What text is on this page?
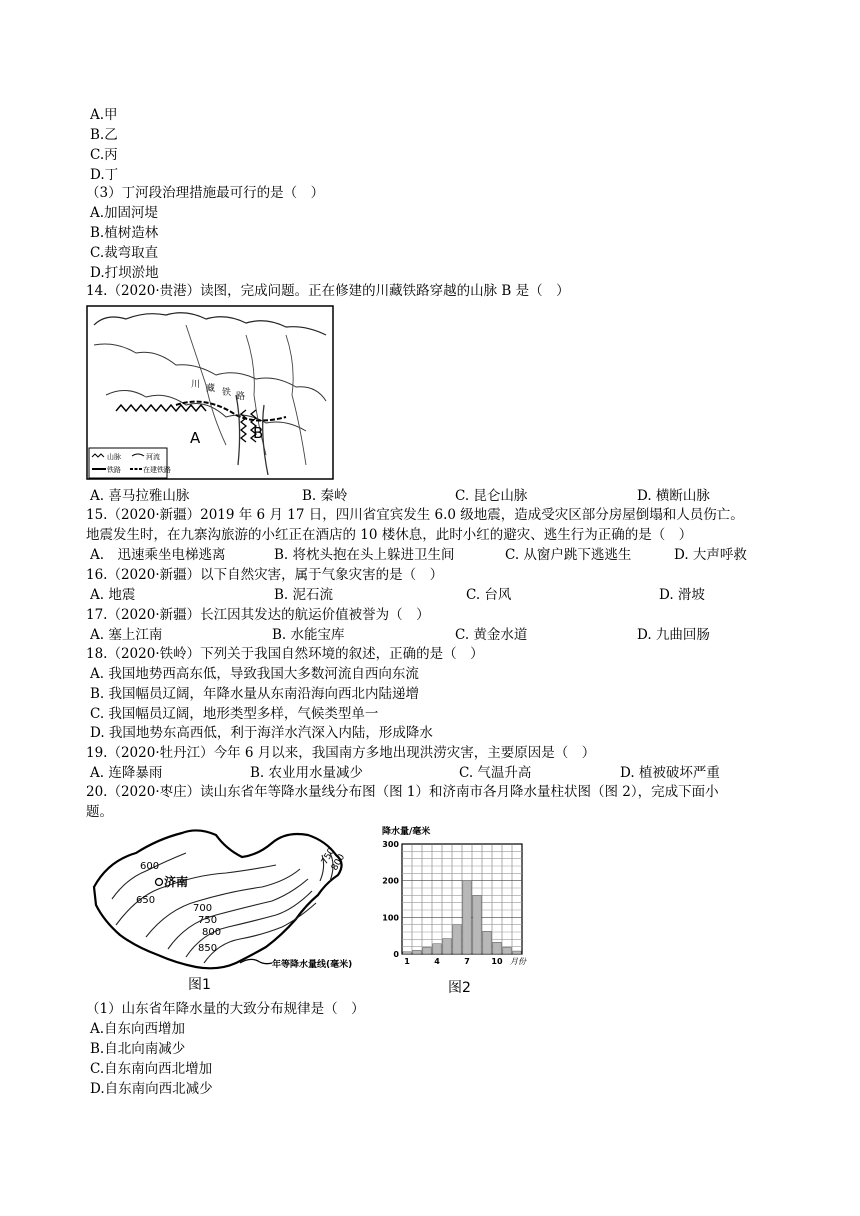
A.甲
B.乙
C.丙
D.丁
（3）丁河段治理措施最可行的是（　）
A.加固河堤
B.植树造林
C.裁弯取直
D.打坝淤地
14.（2020·贵港）读图，完成问题。正在修建的川藏铁路穿越的山脉 B 是（　）
川 藏 铁 路
A	B
山脉	河流
铁路	在建铁路
A. 喜马拉雅山脉	B. 秦岭	C. 昆仑山脉	D. 横断山脉
15.（2020·新疆）2019 年 6 月 17 日，四川省宜宾发生 6.0 级地震，造成受灾区部分房屋倒塌和人员伤亡。
地震发生时，在九寨沟旅游的小红正在酒店的 10 楼休息，此时小红的避灾、逃生行为正确的是（　）
A.　迅速乘坐电梯逃离	B. 将枕头抱在头上躲进卫生间	C. 从窗户跳下逃逃生	D. 大声呼救
16.（2020·新疆）以下自然灾害，属于气象灾害的是（　）
A. 地震	B. 泥石流	C. 台风	D. 滑坡
17.（2020·新疆）长江因其发达的航运价值被誉为（　）
A. 塞上江南	B. 水能宝库	C. 黄金水道	D. 九曲回肠
18.（2020·铁岭）下列关于我国自然环境的叙述，正确的是（　）
A. 我国地势西高东低，导致我国大多数河流自西向东流
B. 我国幅员辽阔，年降水量从东南沿海向西北内陆递增
C. 我国幅员辽阔，地形类型多样，气候类型单一
D. 我国地势东高西低，利于海洋水汽深入内陆，形成降水
19.（2020·牡丹江）今年 6 月以来，我国南方多地出现洪涝灾害，主要原因是（　）
A. 连降暴雨	B. 农业用水量减少	C. 气温升高	D. 植被破坏严重
20.（2020·枣庄）读山东省年等降水量线分布图（图 1）和济南市各月降水量柱状图（图 2），完成下面小
题。
济南
600
650
700
750
800
850
750
800
年等降水量线(毫米)
图1
降水量/毫米
0
100
200
300
1	4	7	10 月份
图2
（1）山东省年降水量的大致分布规律是（　）
A.自东向西增加
B.自北向南减少
C.自东南向西北增加
D.自东南向西北减少
